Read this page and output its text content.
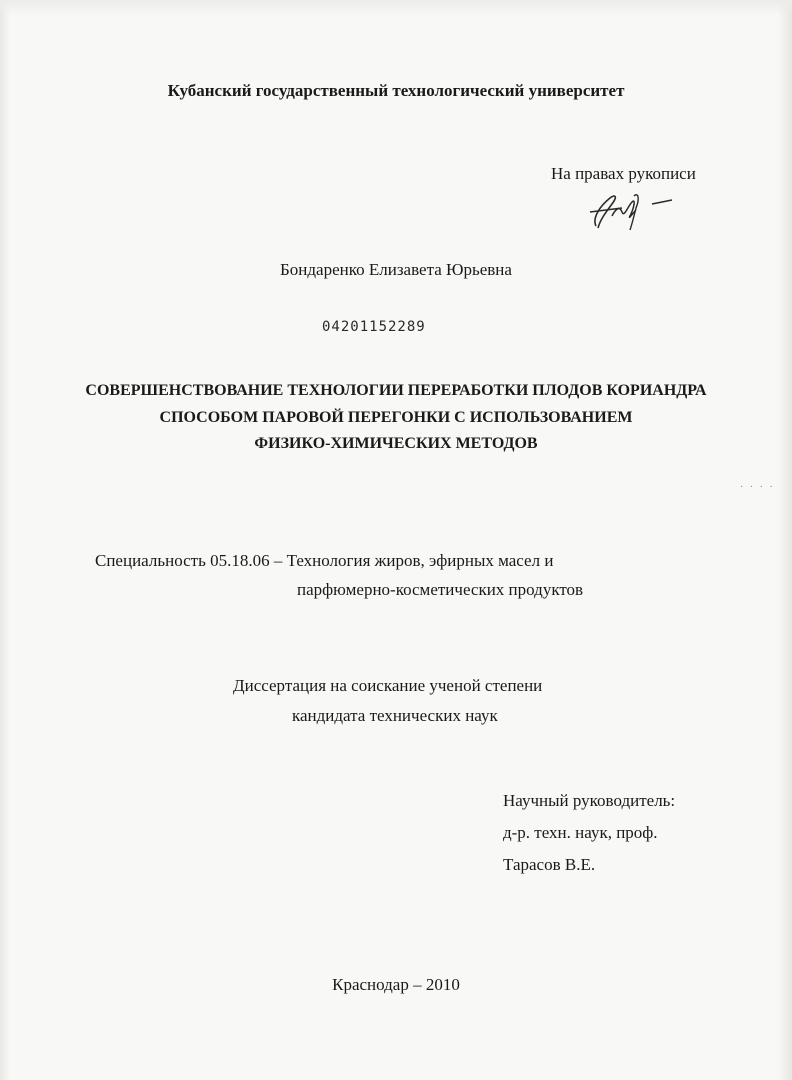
Кубанский государственный технологический университет
На правах рукописи
Бондаренко Елизавета Юрьевна
04201152289
СОВЕРШЕНСТВОВАНИЕ ТЕХНОЛОГИИ ПЕРЕРАБОТКИ ПЛОДОВ КОРИАНДРА
СПОСОБОМ ПАРОВОЙ ПЕРЕГОНКИ С ИСПОЛЬЗОВАНИЕМ
ФИЗИКО-ХИМИЧЕСКИХ МЕТОДОВ
· · · ·
Специальность 05.18.06 – Технология жиров, эфирных масел и
парфюмерно-косметических продуктов
Диссертация на соискание ученой степени
кандидата технических наук
Научный руководитель:
д-р. техн. наук, проф.
Тарасов В.Е.
Краснодар – 2010
